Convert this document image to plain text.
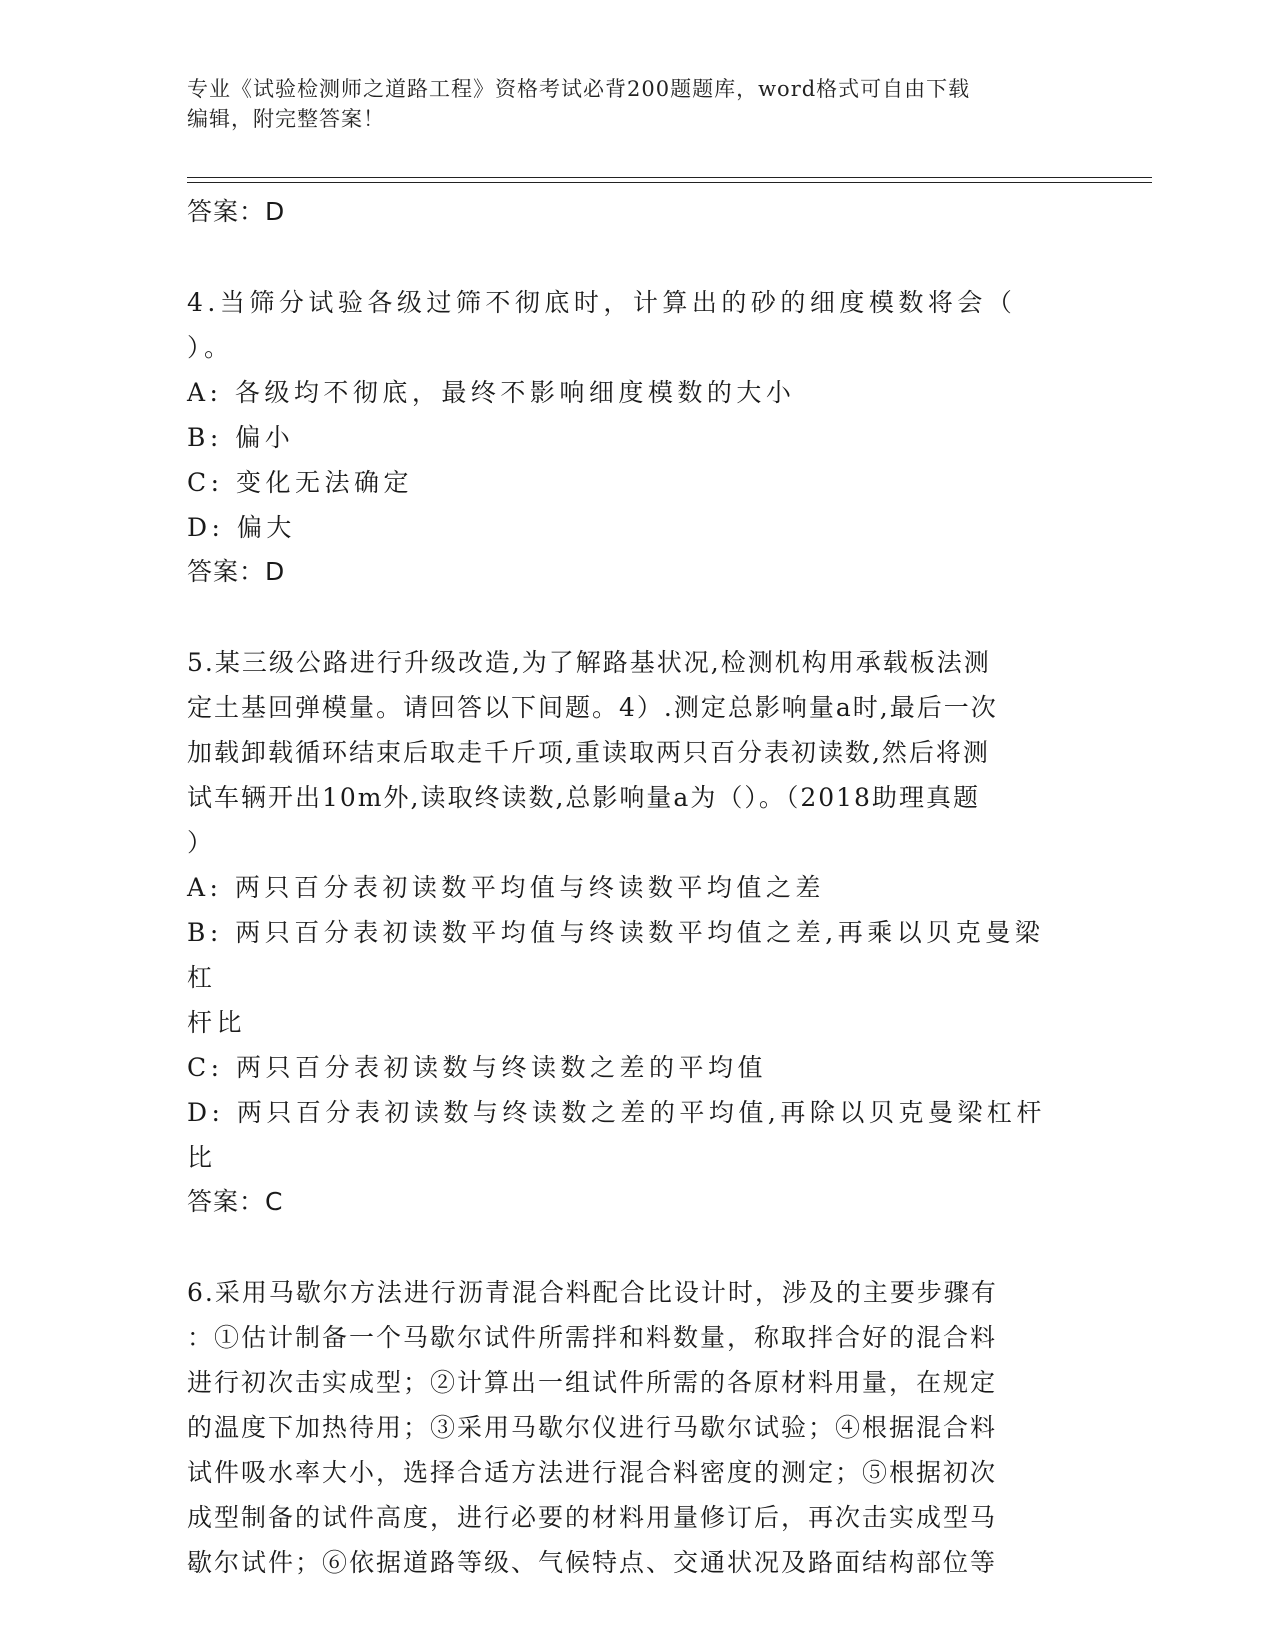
专业《试验检测师之道路工程》资格考试必背200题题库，word格式可自由下载
编辑，附完整答案！
答案：D
4.当筛分试验各级过筛不彻底时，计算出的砂的细度模数将会（ ）。
A: 各级均不彻底，最终不影响细度模数的大小
B: 偏小
C: 变化无法确定
D: 偏大
答案：D
5.某三级公路进行升级改造,为了解路基状况,检测机构用承载板法测
定土基回弹模量。请回答以下间题。4）.测定总影响量a时,最后一次
加载卸载循环结束后取走千斤项,重读取两只百分表初读数,然后将测
试车辆开出10m外,读取终读数,总影响量a为（）。（2018助理真题
）
A: 两只百分表初读数平均值与终读数平均值之差
B: 两只百分表初读数平均值与终读数平均值之差,再乘以贝克曼梁杠
杆比
C: 两只百分表初读数与终读数之差的平均值
D: 两只百分表初读数与终读数之差的平均值,再除以贝克曼梁杠杆比
答案：C
6.采用马歇尔方法进行沥青混合料配合比设计时，涉及的主要步骤有
：①估计制备一个马歇尔试件所需拌和料数量，称取拌合好的混合料
进行初次击实成型；②计算出一组试件所需的各原材料用量，在规定
的温度下加热待用；③采用马歇尔仪进行马歇尔试验；④根据混合料
试件吸水率大小，选择合适方法进行混合料密度的测定；⑤根据初次
成型制备的试件高度，进行必要的材料用量修订后，再次击实成型马
歇尔试件；⑥依据道路等级、气候特点、交通状况及路面结构部位等
